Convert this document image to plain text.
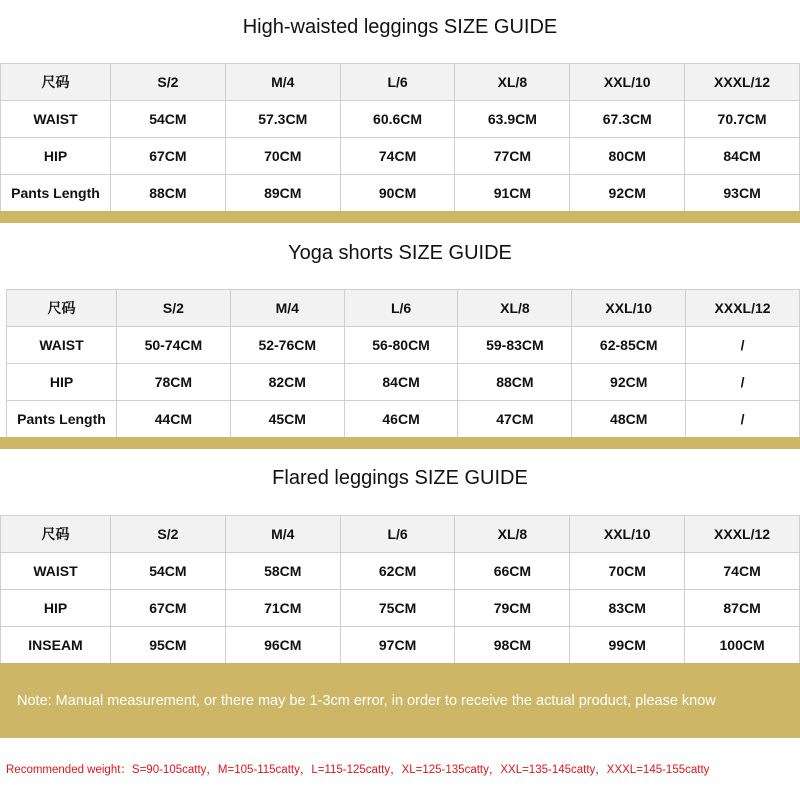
High-waisted leggings SIZE GUIDE
尺码	S/2	M/4	L/6	XL/8	XXL/10	XXXL/12
WAIST	54CM	57.3CM	60.6CM	63.9CM	67.3CM	70.7CM
HIP	67CM	70CM	74CM	77CM	80CM	84CM
Pants Length	88CM	89CM	90CM	91CM	92CM	93CM
Yoga shorts SIZE GUIDE
尺码	S/2	M/4	L/6	XL/8	XXL/10	XXXL/12
WAIST	50-74CM	52-76CM	56-80CM	59-83CM	62-85CM	/
HIP	78CM	82CM	84CM	88CM	92CM	/
Pants Length	44CM	45CM	46CM	47CM	48CM	/
Flared leggings SIZE GUIDE
尺码	S/2	M/4	L/6	XL/8	XXL/10	XXXL/12
WAIST	54CM	58CM	62CM	66CM	70CM	74CM
HIP	67CM	71CM	75CM	79CM	83CM	87CM
INSEAM	95CM	96CM	97CM	98CM	99CM	100CM
Note: Manual measurement, or there may be 1-3cm error, in order to receive the actual product, please know
Recommended weight：S=90-105catty，M=105-115catty，L=115-125catty，XL=125-135catty，XXL=135-145catty，XXXL=145-155catty
